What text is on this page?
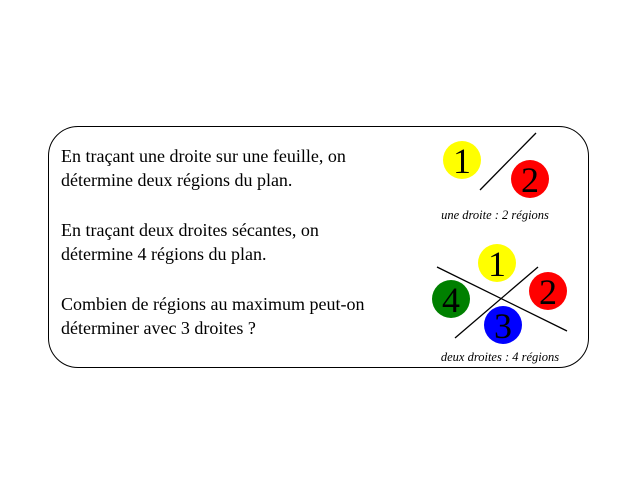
En traçant une droite sur une feuille, on
détermine deux régions du plan.

En traçant deux droites sécantes, on
détermine 4 régions du plan.

Combien de régions au maximum peut-on
déterminer avec 3 droites ?

1 2
une droite : 2 régions
1
2
3
4
deux droites : 4 régions
